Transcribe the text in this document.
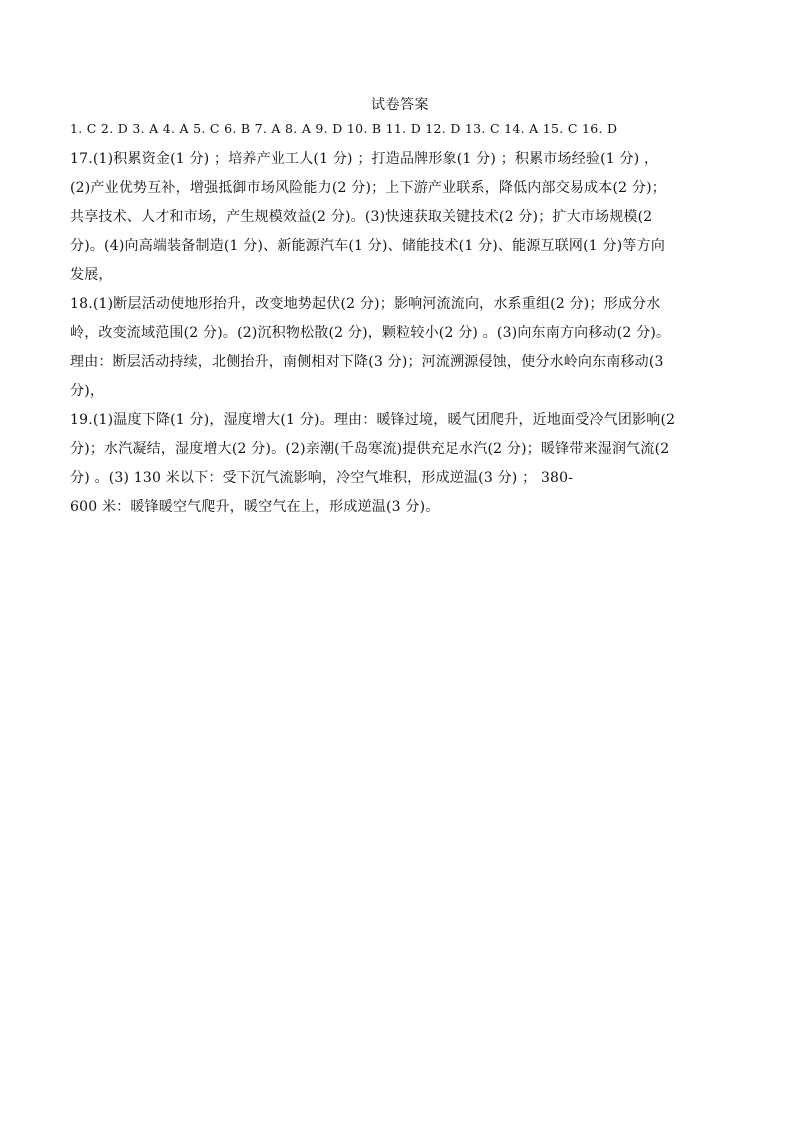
试卷答案
1. C 2. D 3. A 4. A 5. C 6. B 7. A 8. A 9. D 10. B 11. D 12. D 13. C 14. A 15. C 16. D
17.(1)积累资金(1 分) ；培养产业工人(1 分) ；打造品牌形象(1 分) ；积累市场经验(1 分) ，
(2)产业优势互补，增强抵御市场风险能力(2 分)；上下游产业联系，降低内部交易成本(2 分)；
共享技术、人才和市场，产生规模效益(2 分)。(3)快速获取关键技术(2 分)；扩大市场规模(2
分)。(4)向高端装备制造(1 分)、新能源汽车(1 分)、储能技术(1 分)、能源互联网(1 分)等方向
发展，
18.(1)断层活动使地形抬升，改变地势起伏(2 分)；影响河流流向，水系重组(2 分)；形成分水
岭，改变流域范围(2 分)。(2)沉积物松散(2 分)，颗粒较小(2 分) 。(3)向东南方向移动(2 分)。
理由：断层活动持续，北侧抬升，南侧相对下降(3 分)；河流溯源侵蚀，使分水岭向东南移动(3
分)，
19.(1)温度下降(1 分)，湿度增大(1 分)。理由：暖锋过境，暖气团爬升，近地面受冷气团影响(2
分)；水汽凝结，湿度增大(2 分)。(2)亲潮(千岛寒流)提供充足水汽(2 分)；暖锋带来湿润气流(2
分) 。(3) 130 米以下：受下沉气流影响，冷空气堆积，形成逆温(3 分) ； 380-
600 米：暖锋暖空气爬升，暖空气在上，形成逆温(3 分)。
